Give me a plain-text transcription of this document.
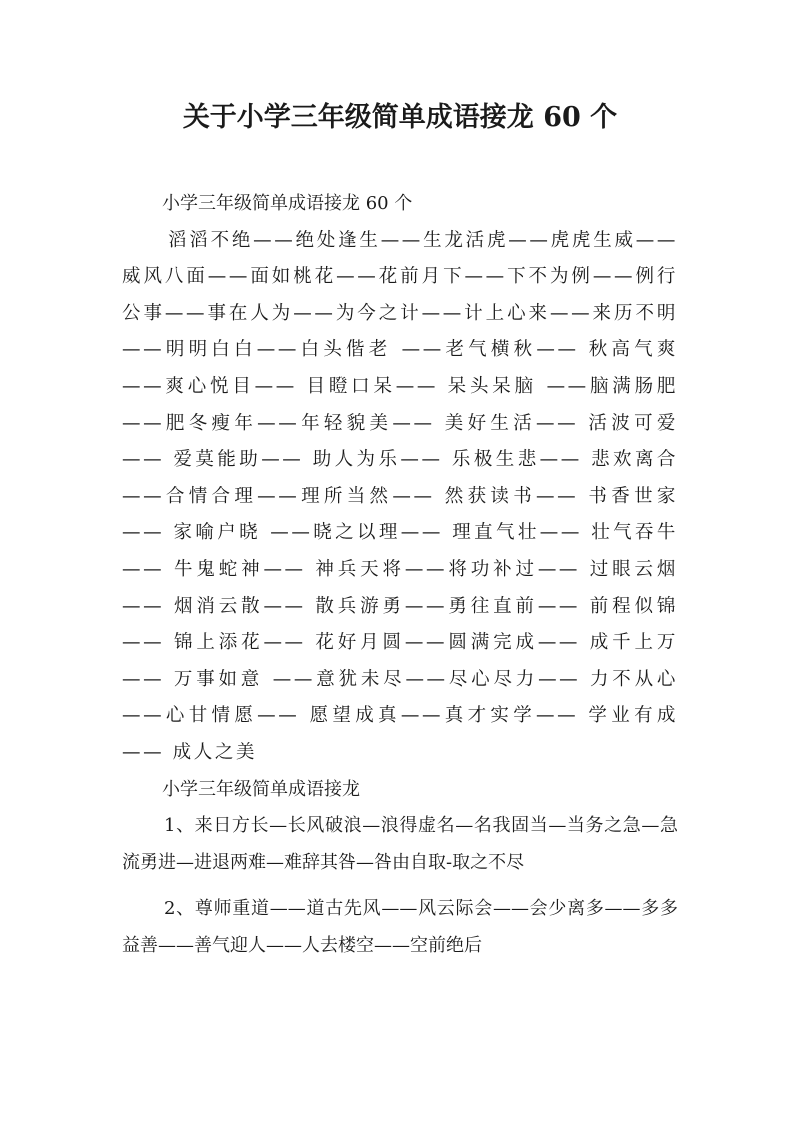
关于小学三年级简单成语接龙 60 个

小学三年级简单成语接龙 60 个

滔滔不绝——绝处逢生——生龙活虎——虎虎生威——威风八面——面如桃花——花前月下——下不为例——例行公事——事在人为——为今之计——计上心来——来历不明——明明白白——白头偕老 ——老气横秋—— 秋高气爽 ——爽心悦目—— 目瞪口呆—— 呆头呆脑 ——脑满肠肥 ——肥冬瘦年——年轻貌美—— 美好生活—— 活波可爱—— 爱莫能助—— 助人为乐—— 乐极生悲—— 悲欢离合——合情合理——理所当然—— 然获读书—— 书香世家—— 家喻户晓 ——晓之以理—— 理直气壮—— 壮气吞牛—— 牛鬼蛇神—— 神兵天将——将功补过—— 过眼云烟—— 烟消云散—— 散兵游勇——勇往直前—— 前程似锦—— 锦上添花—— 花好月圆——圆满完成—— 成千上万—— 万事如意 ——意犹未尽——尽心尽力—— 力不从心 ——心甘情愿—— 愿望成真——真才实学—— 学业有成—— 成人之美

小学三年级简单成语接龙

1、来日方长—长风破浪—浪得虚名—名我固当—当务之急—急流勇进—进退两难—难辞其咎—咎由自取-取之不尽

2、尊师重道——道古先风——风云际会——会少离多——多多益善——善气迎人——人去楼空——空前绝后
